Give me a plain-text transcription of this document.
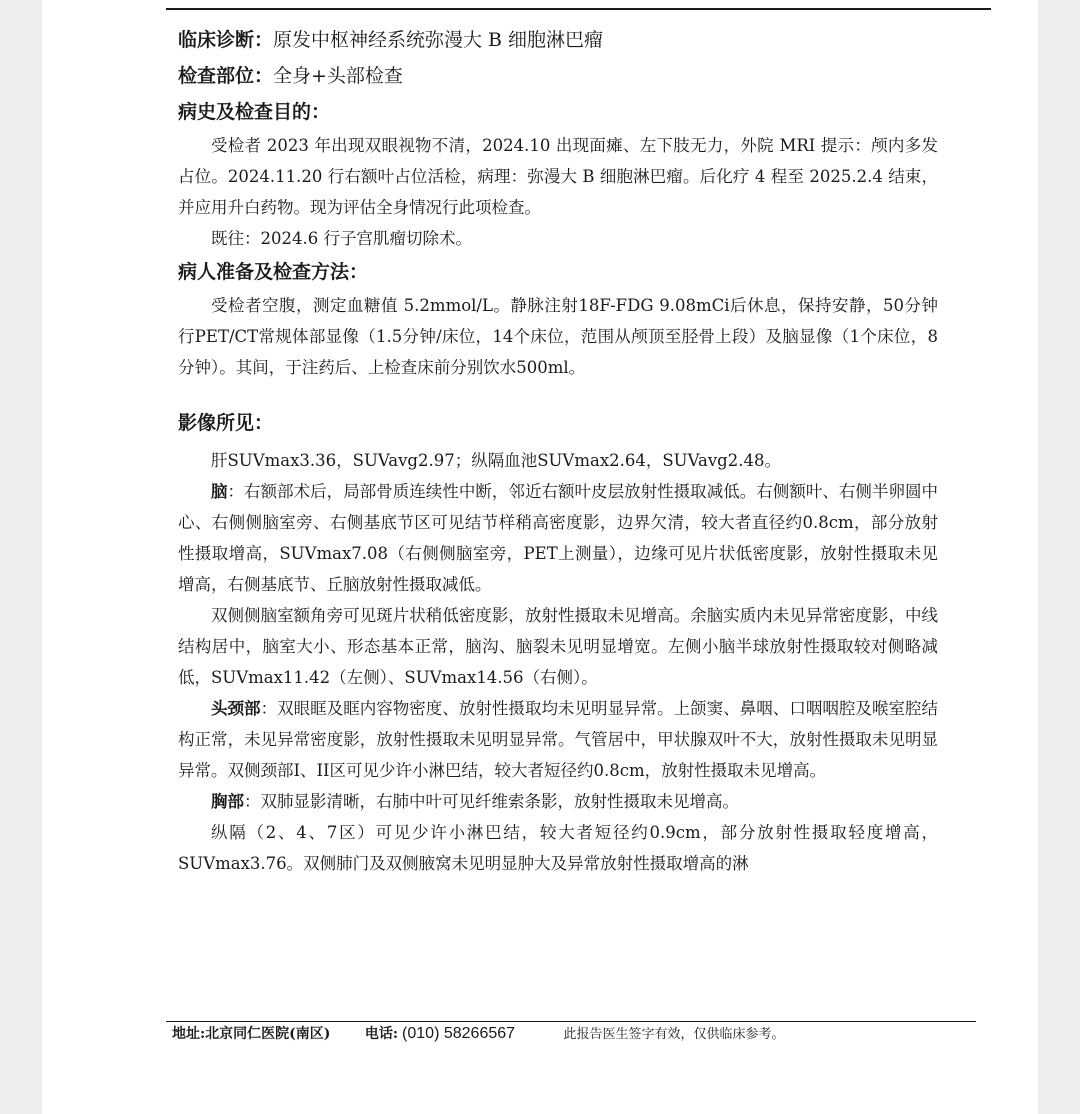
临床诊断：原发中枢神经系统弥漫大 B 细胞淋巴瘤
检查部位：全身+头部检查
病史及检查目的：
受检者 2023 年出现双眼视物不清，2024.10 出现面瘫、左下肢无力，外院 MRI 提示：颅内多发占位。2024.11.20 行右额叶占位活检，病理：弥漫大 B 细胞淋巴瘤。后化疗 4 程至 2025.2.4 结束，并应用升白药物。现为评估全身情况行此项检查。
既往：2024.6 行子宫肌瘤切除术。
病人准备及检查方法：
受检者空腹，测定血糖值 5.2mmol/L。静脉注射18F-FDG 9.08mCi后休息，保持安静，50分钟行PET/CT常规体部显像（1.5分钟/床位，14个床位，范围从颅顶至胫骨上段）及脑显像（1个床位，8分钟）。其间，于注药后、上检查床前分别饮水500ml。
影像所见：
肝SUVmax3.36，SUVavg2.97；纵隔血池SUVmax2.64，SUVavg2.48。
脑：右额部术后，局部骨质连续性中断，邻近右额叶皮层放射性摄取减低。右侧额叶、右侧半卵圆中心、右侧侧脑室旁、右侧基底节区可见结节样稍高密度影，边界欠清，较大者直径约0.8cm，部分放射性摄取增高，SUVmax7.08（右侧侧脑室旁，PET上测量），边缘可见片状低密度影，放射性摄取未见增高，右侧基底节、丘脑放射性摄取减低。
双侧侧脑室额角旁可见斑片状稍低密度影，放射性摄取未见增高。余脑实质内未见异常密度影，中线结构居中，脑室大小、形态基本正常，脑沟、脑裂未见明显增宽。左侧小脑半球放射性摄取较对侧略减低，SUVmax11.42（左侧）、SUVmax14.56（右侧）。
头颈部：双眼眶及眶内容物密度、放射性摄取均未见明显异常。上颌窦、鼻咽、口咽咽腔及喉室腔结构正常，未见异常密度影，放射性摄取未见明显异常。气管居中，甲状腺双叶不大，放射性摄取未见明显异常。双侧颈部I、II区可见少许小淋巴结，较大者短径约0.8cm，放射性摄取未见增高。
胸部：双肺显影清晰，右肺中叶可见纤维索条影，放射性摄取未见增高。
纵隔（2、4、7区）可见少许小淋巴结，较大者短径约0.9cm，部分放射性摄取轻度增高，SUVmax3.76。双侧肺门及双侧腋窝未见明显肿大及异常放射性摄取增高的淋
地址:北京同仁医院(南区) 电话: (010) 58266567	此报告医生签字有效，仅供临床参考。
